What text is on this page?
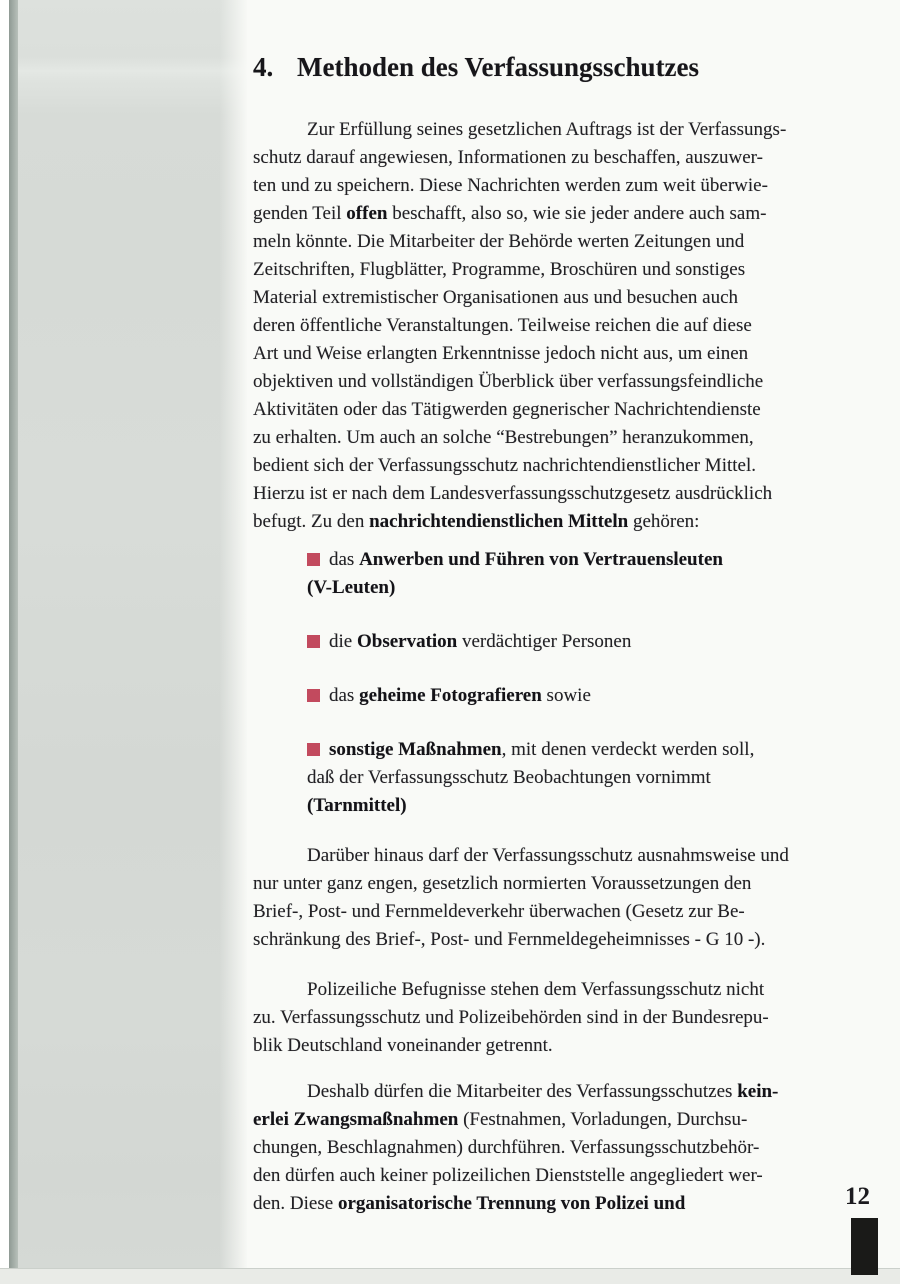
4. Methoden des Verfassungsschutzes
Zur Erfüllung seines gesetzlichen Auftrags ist der Verfassungs-
schutz darauf angewiesen, Informationen zu beschaffen, auszuwer-
ten und zu speichern. Diese Nachrichten werden zum weit überwie-
genden Teil offen beschafft, also so, wie sie jeder andere auch sam-
meln könnte. Die Mitarbeiter der Behörde werten Zeitungen und
Zeitschriften, Flugblätter, Programme, Broschüren und sonstiges
Material extremistischer Organisationen aus und besuchen auch
deren öffentliche Veranstaltungen. Teilweise reichen die auf diese
Art und Weise erlangten Erkenntnisse jedoch nicht aus, um einen
objektiven und vollständigen Überblick über verfassungsfeindliche
Aktivitäten oder das Tätigwerden gegnerischer Nachrichtendienste
zu erhalten. Um auch an solche “Bestrebungen” heranzukommen,
bedient sich der Verfassungsschutz nachrichtendienstlicher Mittel.
Hierzu ist er nach dem Landesverfassungsschutzgesetz ausdrücklich
befugt. Zu den nachrichtendienstlichen Mitteln gehören:
das Anwerben und Führen von Vertrauensleuten
(V-Leuten)
die Observation verdächtiger Personen
das geheime Fotografieren sowie
sonstige Maßnahmen, mit denen verdeckt werden soll,
daß der Verfassungsschutz Beobachtungen vornimmt
(Tarnmittel)
Darüber hinaus darf der Verfassungsschutz ausnahmsweise und
nur unter ganz engen, gesetzlich normierten Voraussetzungen den
Brief-, Post- und Fernmeldeverkehr überwachen (Gesetz zur Be-
schränkung des Brief-, Post- und Fernmeldegeheimnisses - G 10 -).
Polizeiliche Befugnisse stehen dem Verfassungsschutz nicht
zu. Verfassungsschutz und Polizeibehörden sind in der Bundesrepu-
blik Deutschland voneinander getrennt.
Deshalb dürfen die Mitarbeiter des Verfassungsschutzes kein-
erlei Zwangsmaßnahmen (Festnahmen, Vorladungen, Durchsu-
chungen, Beschlagnahmen) durchführen. Verfassungsschutzbehör-
den dürfen auch keiner polizeilichen Dienststelle angegliedert wer-
den. Diese organisatorische Trennung von Polizei und	12
